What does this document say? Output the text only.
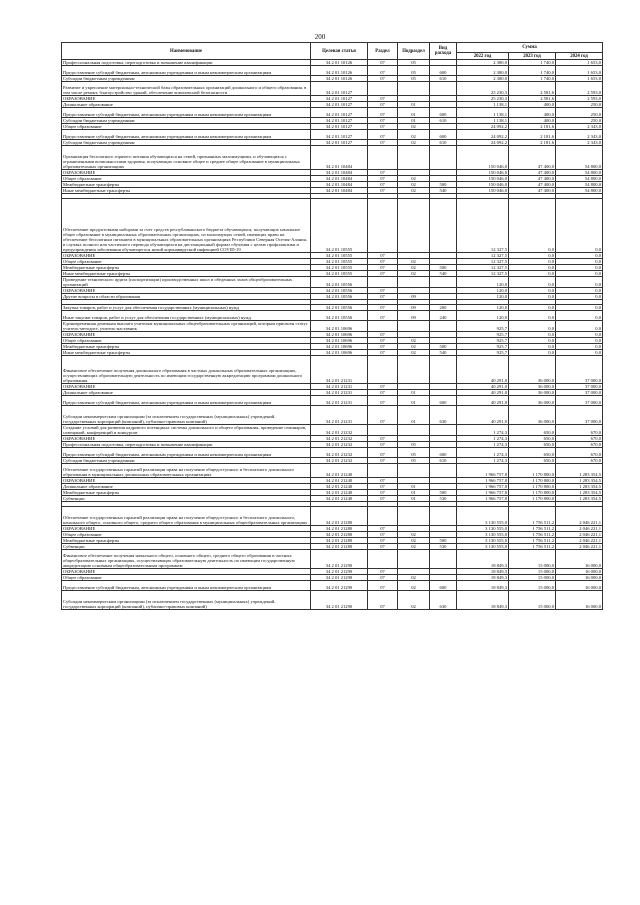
200
Наименование	Целевая статья	Раздел	Подраздел	Вид расхода	Сумма		
					2022 год	2023 год	2024 год
Профессиональная подготовка, переподготовка и повышение квалификации	34 2 01 10126	07	05		2 380,0	1 740,0	1 653,0
Предоставление субсидий бюджетным, автономным учреждениям и иным некоммерческим организациям	34 2 01 10126	07	05	600	2 380,0	1 740,0	1 653,0
Субсидии бюджетным учреждениям	34 2 01 10126	07	05	610	2 380,0	1 740,0	1 653,0
Развитие и укрепление материально-технической базы образовательных организаций дошкольного и общего образования, в том числе ремонт, благоустройство зданий, обеспечение комплексной безопасности	34 2 01 10127				25 230,3	2 581,6	2 593,0
ОБРАЗОВАНИЕ	34 2 01 10127	07			25 230,3	2 581,6	2 593,0
Дошкольное образование	34 2 01 10127	07	01		1 138,1	400,0	250,0
Предоставление субсидий бюджетным, автономным учреждениям и иным некоммерческим организациям	34 2 01 10127	07	01	600	1 138,1	400,0	250,0
Субсидии бюджетным учреждениям	34 2 01 10127	07	01	610	1 138,1	400,0	250,0
Общее образование	34 2 01 10127	07	02		24 092,2	2 181,6	2 343,0
Предоставление субсидий бюджетным, автономным учреждениям и иным некоммерческим организациям	34 2 01 10127	07	02	600	24 092,2	2 181,6	2 343,0
Субсидии бюджетным учреждениям	34 2 01 10127	07	02	610	24 092,2	2 181,6	2 343,0
Организация бесплатного горячего питания обучающихся на семей, признанных малоимущими, и обучающихся с ограниченными возможностями здоровья, получающих основное общее и среднее общее образование в муниципальных образовательных организациях	34 2 01 10484				150 046,0	47 400,0	54 800,0
ОБРАЗОВАНИЕ	34 2 01 10484	07			150 046,0	47 400,0	54 800,0
Общее образование	34 2 01 10484	07	02		150 046,0	47 400,0	54 800,0
Межбюджетные трансферты	34 2 01 10484	07	02	500	150 046,0	47 400,0	54 800,0
Иные межбюджетные трансферты	34 2 01 10484	07	02	540	150 046,0	47 400,0	54 800,0

Обеспечение продуктовыми наборами за счет средств республиканского бюджета обучающихся, получающих начальное общее образование в муниципальных образовательных организациях, из малоимущих семей, имеющих право на обеспечение бесплатным питанием в муниципальных образовательных организациях Республики Северная Осетия-Алания, в случаях полного или частичного перевода обучающихся на дистанционный формат обучения с целью профилактики и предупреждения заболевания обучающегося новой коронавирусной инфекцией COVID-19	34 2 01 10555				12 327,5	0,0	0,0
ОБРАЗОВАНИЕ	34 2 01 10555	07			12 327,5	0,0	0,0
Общее образование	34 2 01 10555	07	02		12 327,5	0,0	0,0
Межбюджетные трансферты	34 2 01 10555	07	02	500	12 327,5	0,0	0,0
Иные межбюджетные трансферты	34 2 01 10555	07	02	540	12 327,5	0,0	0,0
Проведение технического аудита (паспортизации) производственных школ и обеденных залов общеобразовательных организаций	34 2 01 10556				120,0	0,0	0,0
ОБРАЗОВАНИЕ	34 2 01 10556	07			120,0	0,0	0,0
Другие вопросы в области образования	34 2 01 10556	07	09		120,0	0,0	0,0

Закупка товаров, работ и услуг для обеспечения государственных (муниципальных) нужд	34 2 01 10556	07	09	200	120,0	0,0	0,0
Иные закупки товаров, работ и услуг для обеспечения государственных (муниципальных) нужд	34 2 01 10556	07	09	240	120,0	0,0	0,0
Единовременная денежная выплата учителям муниципальных общеобразовательных организаций, которым присвоен статус учитель-методист, учитель-наставник	34 2 01 10696				925,7	0,0	0,0
ОБРАЗОВАНИЕ	34 2 01 10696	07			925,7	0,0	0,0
Общее образование	34 2 01 10696	07	02		925,7	0,0	0,0
Межбюджетные трансферты	34 2 01 10696	07	02	500	925,7	0,0	0,0
Иные межбюджетные трансферты	34 2 01 10696	07	02	540	925,7	0,0	0,0
Финансовое обеспечение получения дошкольного образования в частных дошкольных образовательных организациях, осуществляющих образовательную деятельность по имеющим государственную аккредитацию программам дошкольного образования	34 2 01 21231				40 291,0	36 000,0	37 000,0
ОБРАЗОВАНИЕ	34 2 01 21231	07			40 291,0	36 000,0	37 000,0
Дошкольное образование	34 2 01 21231	07	01		40 291,0	36 000,0	37 000,0
Предоставление субсидий бюджетным, автономным учреждениям и иным некоммерческим организациям	34 2 01 21231	07	01	600	40 291,0	36 000,0	37 000,0
Субсидии некоммерческим организациям (за исключением государственных (муниципальных) учреждений, государственных корпораций (компаний), публично-правовых компаний)	34 2 01 21231	07	01	630	40 291,0	36 000,0	37 000,0
Создание условий для развития кадрового потенциала системы дошкольного и общего образования, проведение семинаров, совещаний, конференций и конкурсов	34 2 01 21232				1 274,3	650,0	670,0
ОБРАЗОВАНИЕ	34 2 01 21232	07			1 274,3	650,0	670,0
Профессиональная подготовка, переподготовка и повышение квалификации	34 2 01 21232	07	05		1 274,3	650,0	670,0
Предоставление субсидий бюджетным, автономным учреждениям и иным некоммерческим организациям	34 2 01 21232	07	05	600	1 274,3	650,0	670,0
Субсидии бюджетным учреждениям	34 2 01 21232	07	05	610	1 274,3	650,0	670,0
Обеспечение государственных гарантий реализации права на получение общедоступного и бесплатного дошкольного образования в муниципальных дошкольных образовательных организациях	34 2 01 21240				1 966 757,8	1 170 800,0	1 283 354,5
ОБРАЗОВАНИЕ	34 2 01 21240	07			1 966 757,8	1 170 800,0	1 283 354,5
Дошкольное образование	34 2 01 21240	07	01		1 966 757,8	1 170 800,0	1 283 354,5
Межбюджетные трансферты	34 2 01 21240	07	01	500	1 966 757,8	1 170 800,0	1 283 354,5
Субвенции	34 2 01 21240	07	01	530	1 966 757,8	1 170 800,0	1 283 354,5

Обеспечение государственных гарантий реализации права на получение общедоступного и бесплатного дошкольного, начального общего, основного общего, среднего общего образования в муниципальных общеобразовательных организациях	34 2 01 21280				3 130 555,0	1 756 511,2	2 046 221,1
ОБРАЗОВАНИЕ	34 2 01 21280	07			3 130 555,0	1 756 511,2	2 046 221,1
Общее образование	34 2 01 21280	07	02		3 130 555,0	1 756 511,2	2 046 221,1
Межбюджетные трансферты	34 2 01 21280	07	02	500	3 130 555,0	1 756 511,2	2 046 221,1
Субвенции	34 2 01 21280	07	02	530	3 130 555,0	1 756 511,2	2 046 221,1
Финансовое обеспечение получения начального общего, основного общего, среднего общего образования в частных общеобразовательных организациях, осуществляющих образовательную деятельность по имеющим государственную аккредитацию основным общеобразовательным программам	34 2 01 21290				18 849,3	15 000,0	16 000,0
ОБРАЗОВАНИЕ	34 2 01 21290	07			18 849,3	15 000,0	16 000,0
Общее образование	34 2 01 21290	07	02		18 849,3	15 000,0	16 000,0
Предоставление субсидий бюджетным, автономным учреждениям и иным некоммерческим организациям	34 2 01 21290	07	02	600	18 849,3	15 000,0	16 000,0
Субсидии некоммерческим организациям (за исключением государственных (муниципальных) учреждений, государственных корпораций (компаний), публично-правовых компаний)	34 2 01 21290	07	02	630	18 849,3	15 000,0	16 000,0
